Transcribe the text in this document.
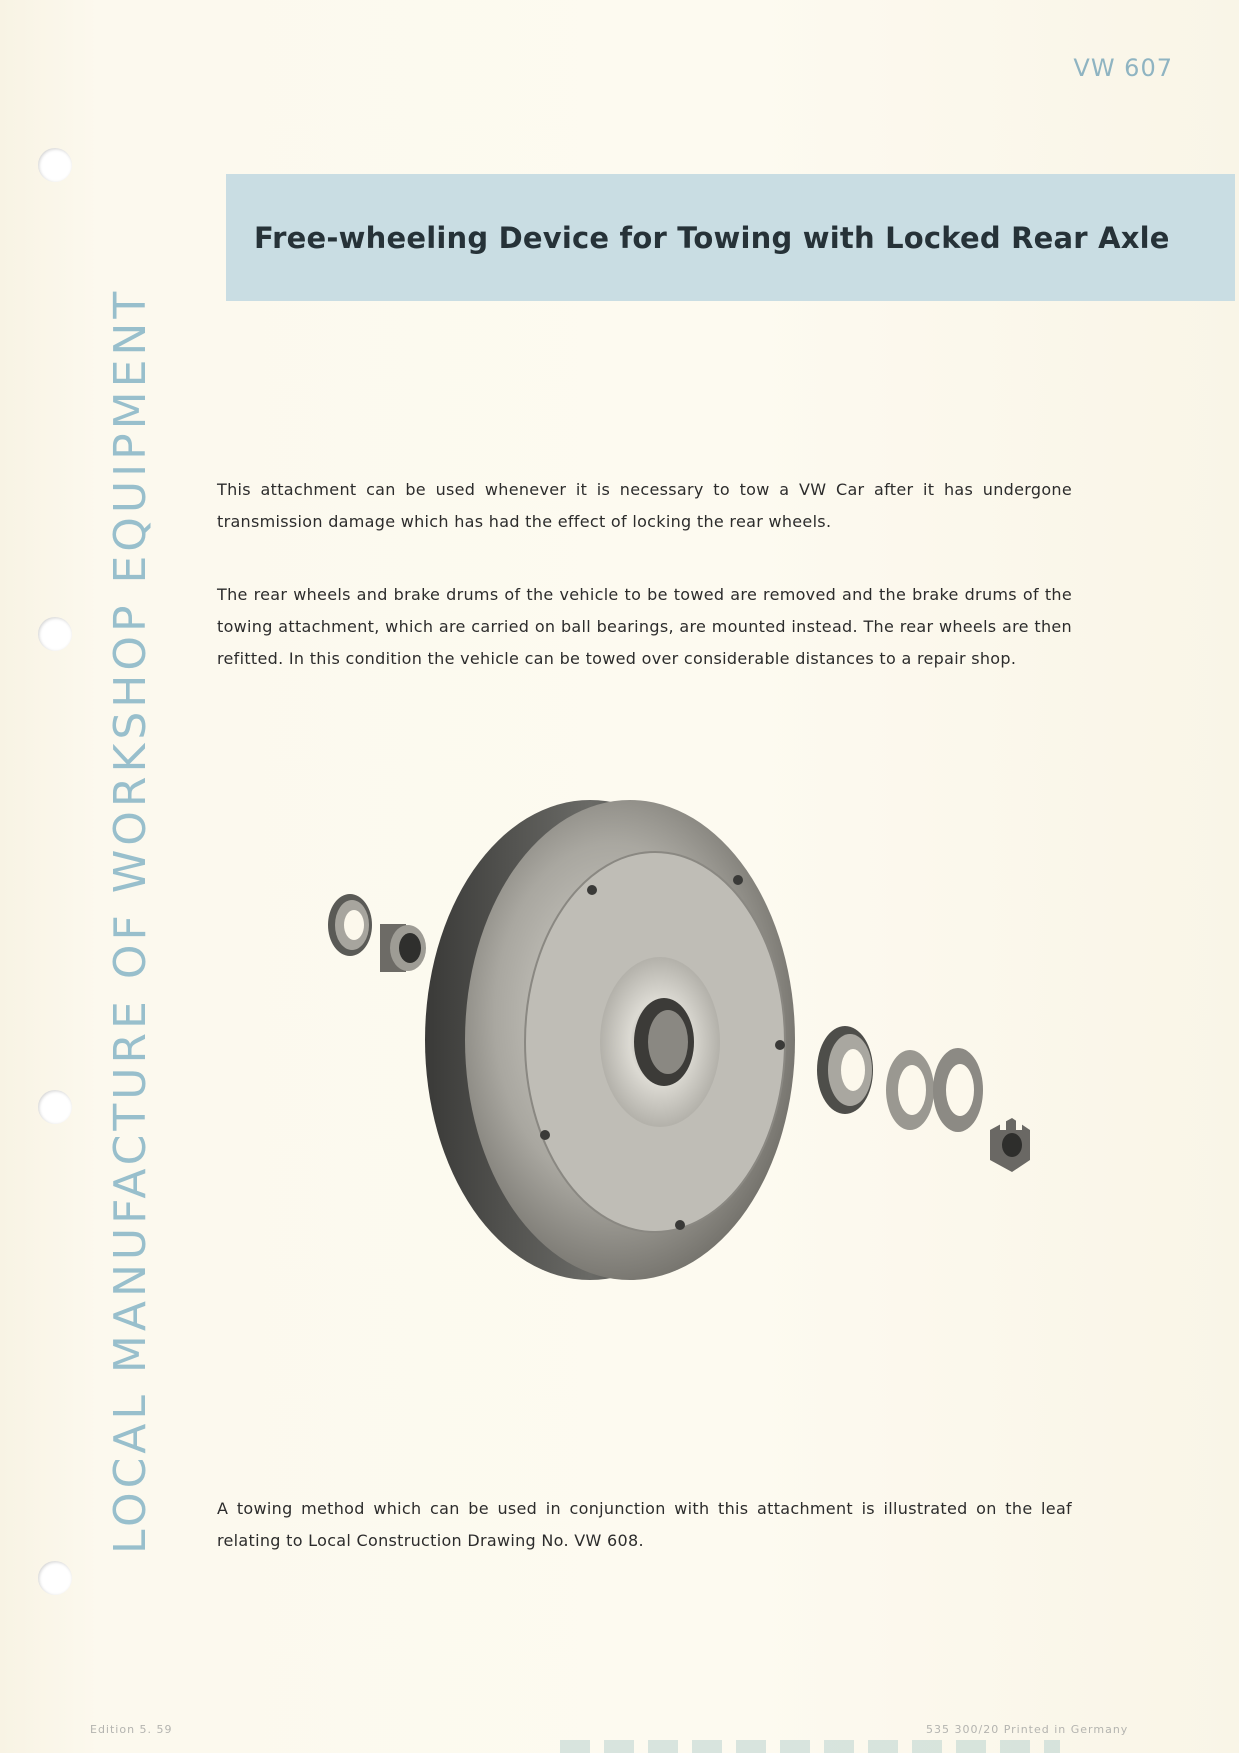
VW 607
Free-wheeling Device for Towing with Locked Rear Axle
LOCAL MANUFACTURE OF WORKSHOP EQUIPMENT	This attachment can be used whenever it is necessary to tow a VW Car after it has undergone transmission damage which has had the effect of locking the rear wheels.

The rear wheels and brake drums of the vehicle to be towed are removed and the brake drums of the towing attachment, which are carried on ball bearings, are mounted instead. The rear wheels are then refitted. In this condition the vehicle can be towed over considerable distances to a repair shop.

A towing method which can be used in conjunction with this attachment is illustrated on the leaf relating to Local Construction Drawing No. VW 608.

Edition 5. 59	535 300/20 Printed in Germany
